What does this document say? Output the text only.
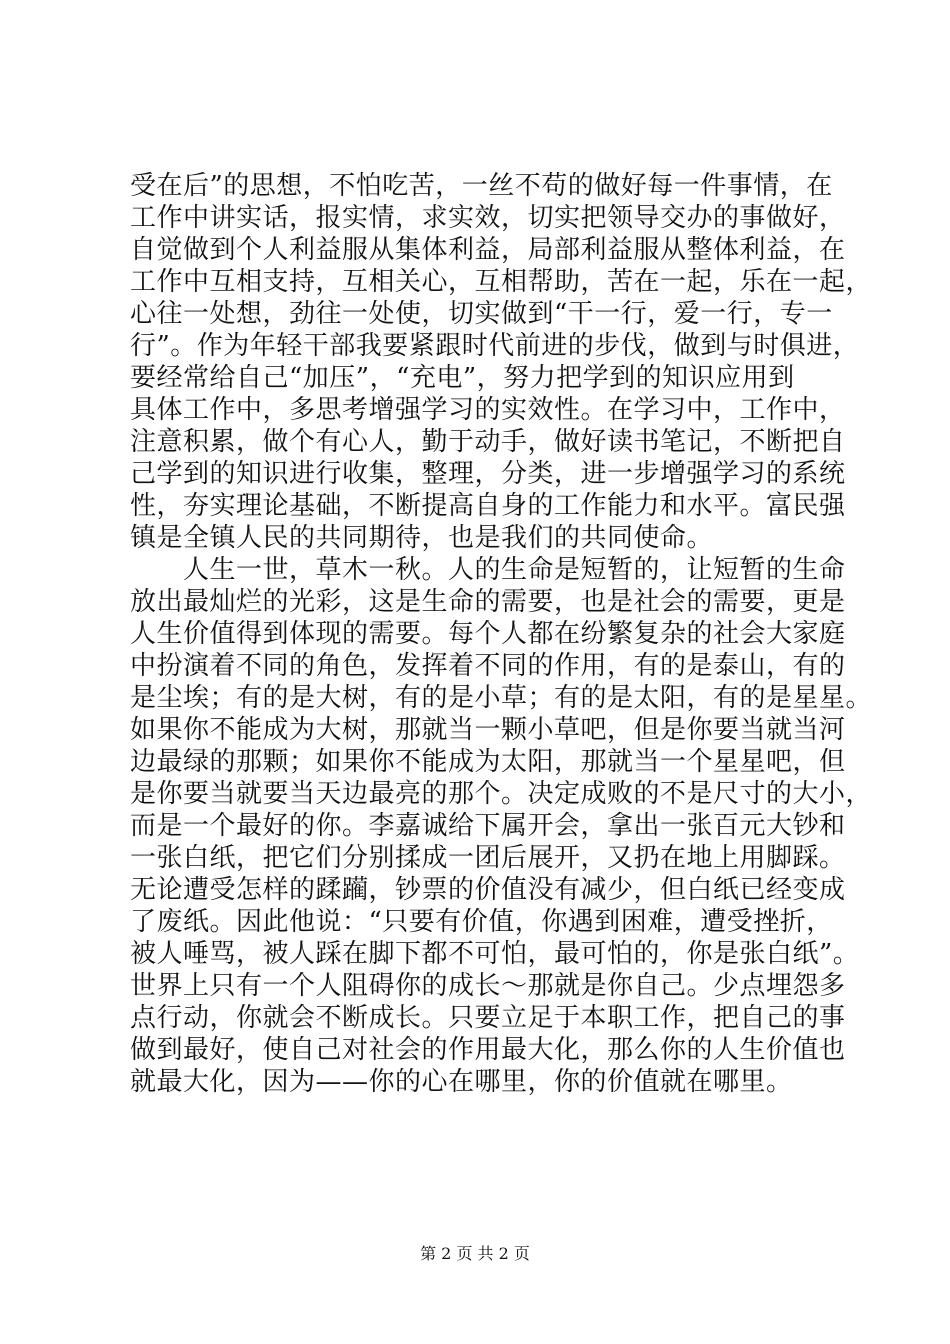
受在后”的思想，不怕吃苦，一丝不苟的做好每一件事情，在
工作中讲实话，报实情，求实效，切实把领导交办的事做好，
自觉做到个人利益服从集体利益，局部利益服从整体利益，在
工作中互相支持，互相关心，互相帮助，苦在一起，乐在一起，
心往一处想，劲往一处使，切实做到“干一行，爱一行，专一
行”。作为年轻干部我要紧跟时代前进的步伐，做到与时俱进，
要经常给自己“加压”，“充电”，努力把学到的知识应用到
具体工作中，多思考增强学习的实效性。在学习中，工作中，
注意积累，做个有心人，勤于动手，做好读书笔记，不断把自
己学到的知识进行收集，整理，分类，进一步增强学习的系统
性，夯实理论基础，不断提高自身的工作能力和水平。富民强
镇是全镇人民的共同期待，也是我们的共同使命。
　　人生一世，草木一秋。人的生命是短暂的，让短暂的生命
放出最灿烂的光彩，这是生命的需要，也是社会的需要，更是
人生价值得到体现的需要。每个人都在纷繁复杂的社会大家庭
中扮演着不同的角色，发挥着不同的作用，有的是泰山，有的
是尘埃；有的是大树，有的是小草；有的是太阳，有的是星星。
如果你不能成为大树，那就当一颗小草吧，但是你要当就当河
边最绿的那颗；如果你不能成为太阳，那就当一个星星吧，但
是你要当就要当天边最亮的那个。决定成败的不是尺寸的大小，
而是一个最好的你。李嘉诚给下属开会，拿出一张百元大钞和
一张白纸，把它们分别揉成一团后展开，又扔在地上用脚踩。
无论遭受怎样的蹂躏，钞票的价值没有减少，但白纸已经变成
了废纸。因此他说：“只要有价值，你遇到困难，遭受挫折，
被人唾骂，被人踩在脚下都不可怕，最可怕的，你是张白纸”。
世界上只有一个人阻碍你的成长～那就是你自己。少点埋怨多
点行动，你就会不断成长。只要立足于本职工作，把自己的事
做到最好，使自己对社会的作用最大化，那么你的人生价值也
就最大化，因为——你的心在哪里，你的价值就在哪里。
第 2 页 共 2 页
